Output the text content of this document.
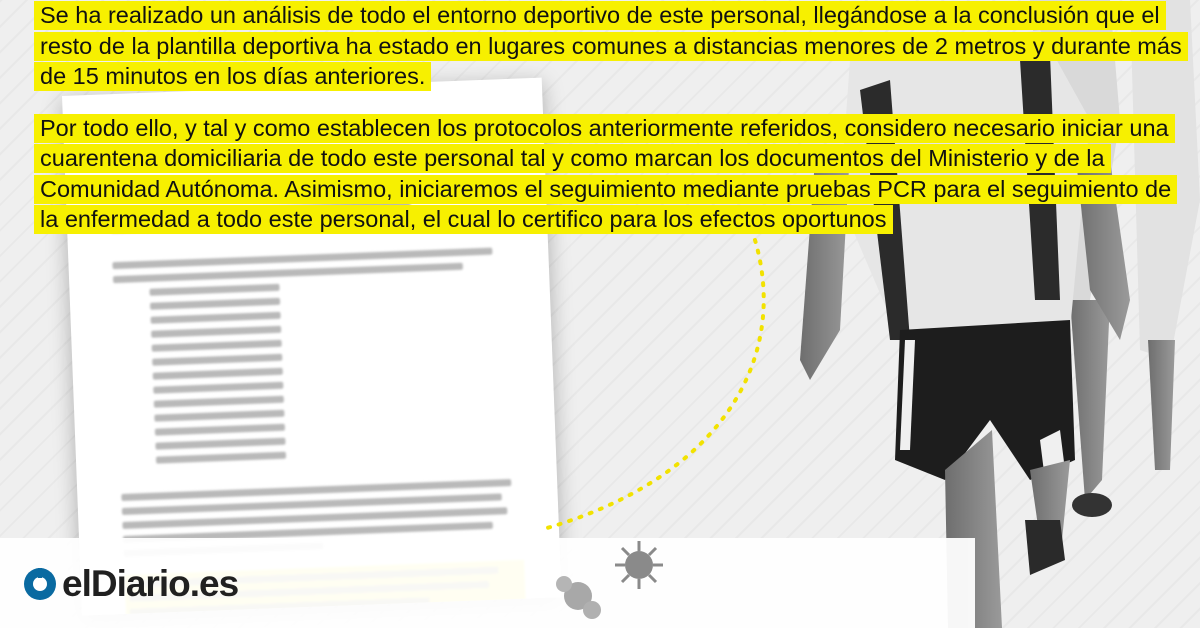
Se ha realizado un análisis de todo el entorno deportivo de este personal, llegándose a la conclusión que el resto de la plantilla deportiva ha estado en lugares comunes a distancias menores de 2 metros y durante más de 15 minutos en los días anteriores.

Por todo ello, y tal y como establecen los protocolos anteriormente referidos, considero necesario iniciar una cuarentena domiciliaria de todo este personal tal y como marcan los documentos del Ministerio y de la Comunidad Autónoma. Asimismo, iniciaremos el seguimiento mediante pruebas PCR para el seguimiento de la enfermedad a todo este personal, el cual lo certifico para los efectos oportunos

elDiario.es
